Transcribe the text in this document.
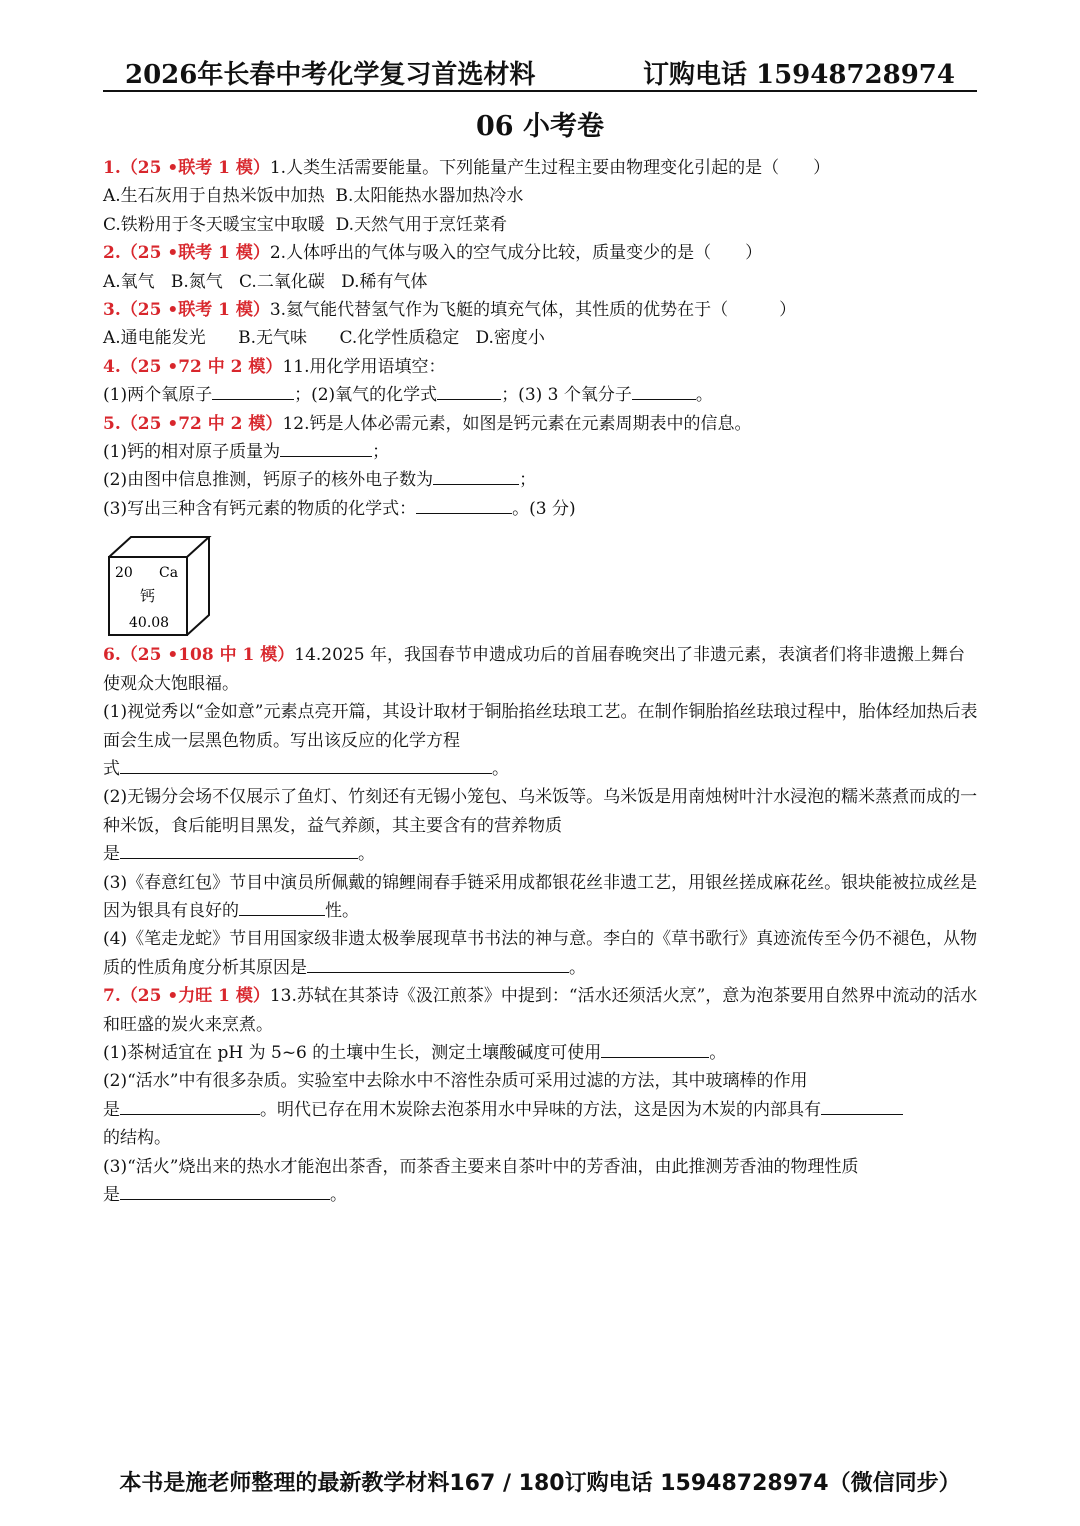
2026年长春中考化学复习首选材料	订购电话 15948728974
06 小考卷
1.（25 •联考 1 模）1.人类生活需要能量。下列能量产生过程主要由物理变化引起的是（　　）
A.生石灰用于自热米饭中加热 B.太阳能热水器加热冷水
C.铁粉用于冬天暖宝宝中取暖 D.天然气用于烹饪菜肴
2.（25 •联考 1 模）2.人体呼出的气体与吸入的空气成分比较，质量变少的是（　　）
A.氧气 B.氮气 C.二氧化碳 D.稀有气体
3.（25 •联考 1 模）3.氦气能代替氢气作为飞艇的填充气体，其性质的优势在于（　　　）
A.通电能发光 B.无气味 C.化学性质稳定 D.密度小
4.（25 •72 中 2 模）11.用化学用语填空：
(1)两个氧原子	；(2)氧气的化学式	；(3) 3 个氧分子	。
5.（25 •72 中 2 模）12.钙是人体必需元素，如图是钙元素在元素周期表中的信息。
(1)钙的相对原子质量为	；
(2)由图中信息推测，钙原子的核外电子数为	；
(3)写出三种含有钙元素的物质的化学式：	。(3 分)
20 Ca
钙
40.08
6.（25 •108 中 1 模）14.2025 年，我国春节申遗成功后的首届春晚突出了非遗元素，表演者们将非遗搬上舞台使观众大饱眼福。
(1)视觉秀以“金如意”元素点亮开篇，其设计取材于铜胎掐丝珐琅工艺。在制作铜胎掐丝珐琅过程中，胎体经加热后表面会生成一层黑色物质。写出该反应的化学方程
式	。
(2)无锡分会场不仅展示了鱼灯、竹刻还有无锡小笼包、乌米饭等。乌米饭是用南烛树叶汁水浸泡的糯米蒸煮而成的一种米饭，食后能明目黑发，益气养颜，其主要含有的营养物质
是	。
(3)《春意红包》节目中演员所佩戴的锦鲤闹春手链采用成都银花丝非遗工艺，用银丝搓成麻花丝。银块能被拉成丝是因为银具有良好的	性。
(4)《笔走龙蛇》节目用国家级非遗太极拳展现草书书法的神与意。李白的《草书歌行》真迹流传至今仍不褪色，从物质的性质角度分析其原因是	。
7.（25 •力旺 1 模）13.苏轼在其茶诗《汲江煎茶》中提到：“活水还须活火烹”，意为泡茶要用自然界中流动的活水和旺盛的炭火来烹煮。
(1)茶树适宜在 pH 为 5~6 的土壤中生长，测定土壤酸碱度可使用	。
(2)“活水”中有很多杂质。实验室中去除水中不溶性杂质可采用过滤的方法，其中玻璃棒的作用
是	。明代已存在用木炭除去泡茶用水中异味的方法，这是因为木炭的内部具有
的结构。
(3)“活火”烧出来的热水才能泡出茶香，而茶香主要来自茶叶中的芳香油，由此推测芳香油的物理性质
是	。
本书是施老师整理的最新教学材料167 / 180订购电话 15948728974（微信同步）
